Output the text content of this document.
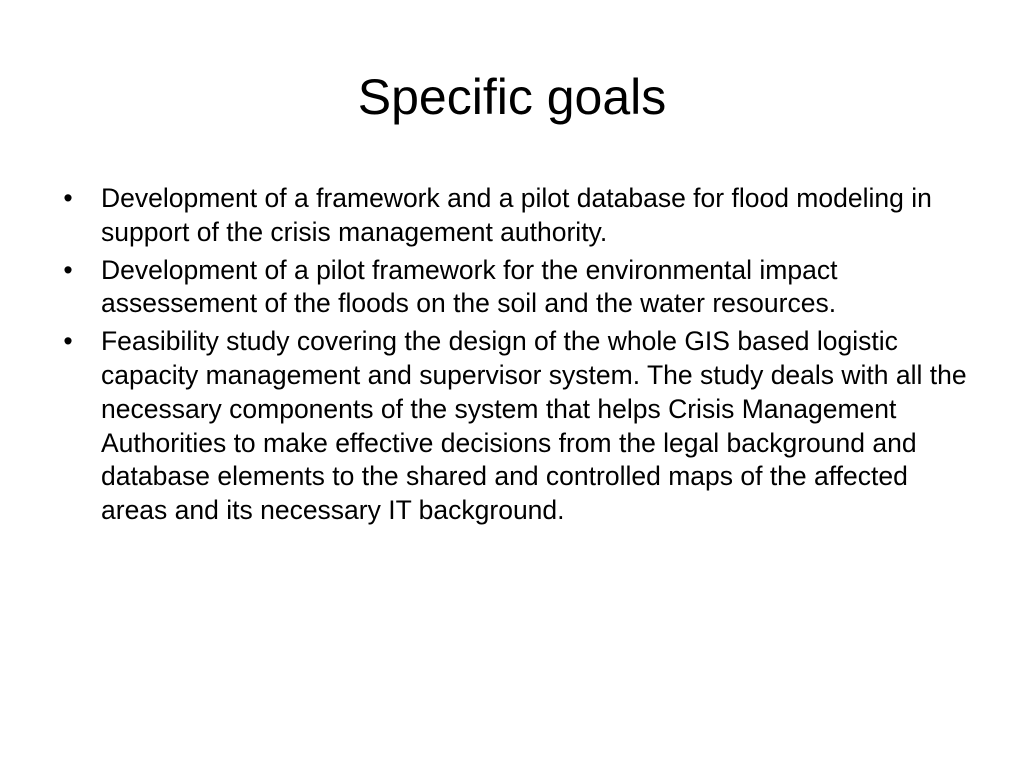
Specific goals
• Development of a framework and a pilot database for flood modeling in support of the crisis management authority.
• Development of a pilot framework for the environmental impact assessement of the floods on the soil and the water resources.
• Feasibility study covering the design of the whole GIS based logistic capacity management and supervisor system. The study deals with all the necessary components of the system that helps Crisis Management Authorities to make effective decisions from the legal background and database elements to the shared and controlled maps of the affected areas and its necessary IT background.
